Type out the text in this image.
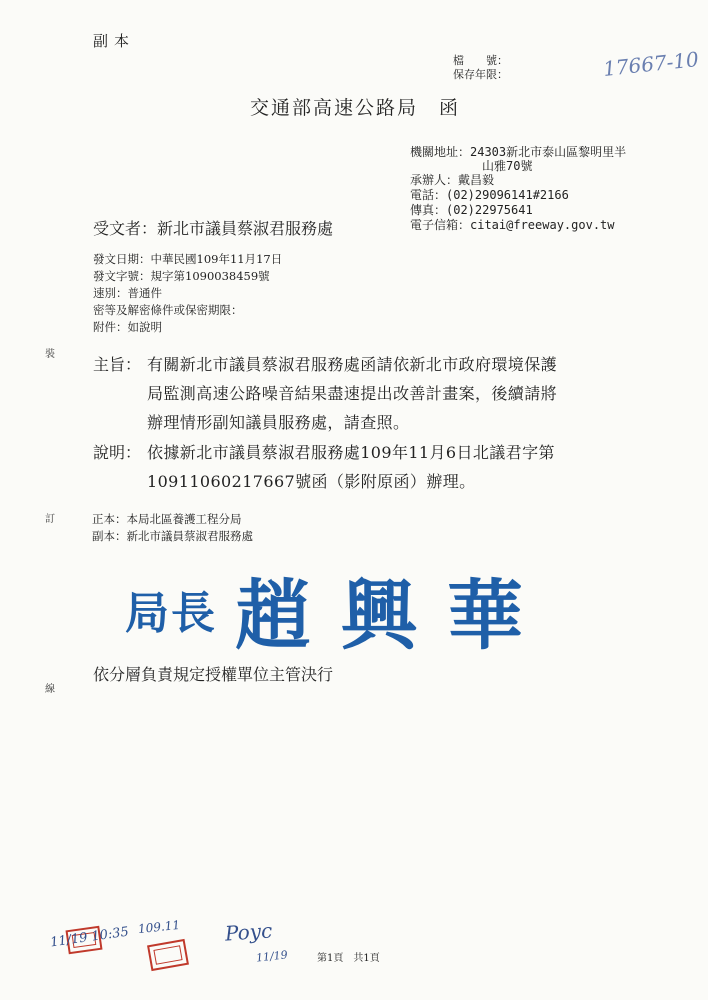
副本
檔　　號：
保存年限：	17667-10
交通部高速公路局　函
機關地址：24303新北市泰山區黎明里半
山雅70號
承辦人：戴昌毅
電話：(02)29096141#2166
傳真：(02)22975641
電子信箱：citai@freeway.gov.tw
受文者：新北市議員蔡淑君服務處
發文日期：中華民國109年11月17日
發文字號：規字第1090038459號
速別：普通件
密等及解密條件或保密期限：
附件：如說明
裝
訂
線
主旨： 有關新北市議員蔡淑君服務處函請依新北市政府環境保護
局監測高速公路噪音結果盡速提出改善計畫案，後續請將
辦理情形副知議員服務處，請查照。
說明： 依據新北市議員蔡淑君服務處109年11月6日北議君字第
10911060217667號函（影附原函）辦理。
正本：本局北區養護工程分局
副本：新北市議員蔡淑君服務處
局長 趙興華
依分層負責規定授權單位主管決行
11/19 10:35 109.11 Poyc
11/19	第1頁　共1頁
